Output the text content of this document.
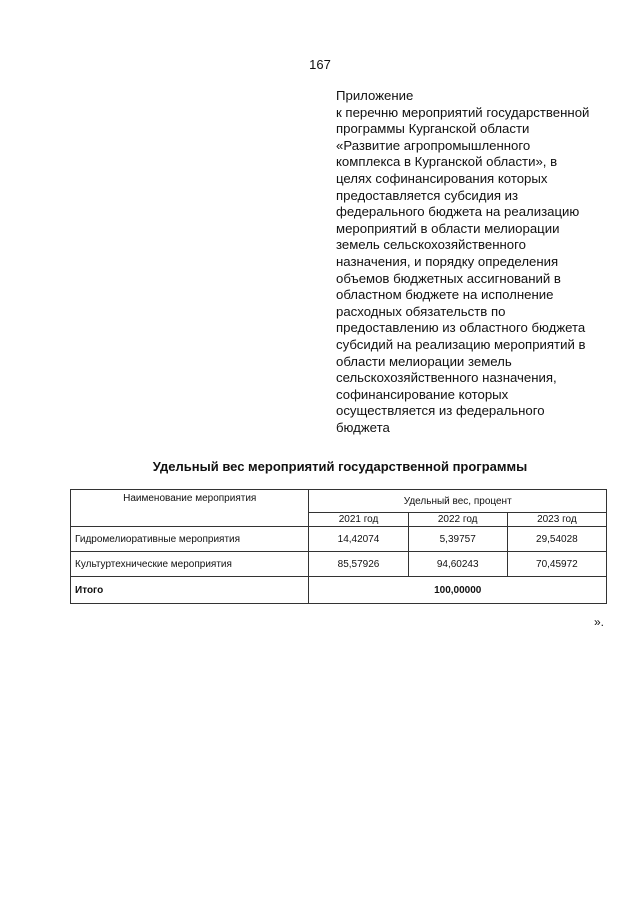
167
Приложение
к перечню мероприятий государственной
программы Курганской области
«Развитие агропромышленного
комплекса в Курганской области», в
целях софинансирования которых
предоставляется субсидия из
федерального бюджета на реализацию
мероприятий в области мелиорации
земель сельскохозяйственного
назначения, и порядку определения
объемов бюджетных ассигнований в
областном бюджете на исполнение
расходных обязательств по
предоставлению из областного бюджета
субсидий на реализацию мероприятий в
области мелиорации земель
сельскохозяйственного назначения,
софинансирование которых
осуществляется из федерального
бюджета
Удельный вес мероприятий государственной программы
Наименование мероприятия	Удельный вес, процент		
	2021 год	2022 год	2023 год
Гидромелиоративные мероприятия	14,42074	5,39757	29,54028
Культуртехнические мероприятия	85,57926	94,60243	70,45972
Итого	100,00000		
».
